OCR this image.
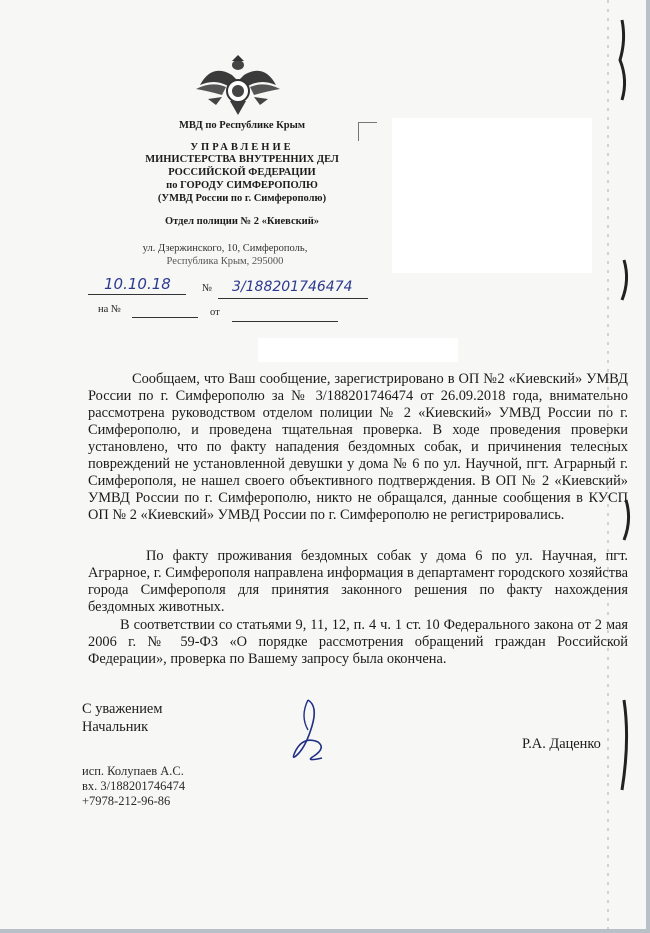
МВД по Республике Крым
УПРАВЛЕНИЕ
МИНИСТЕРСТВА ВНУТРЕННИХ ДЕЛ
РОССИЙСКОЙ ФЕДЕРАЦИИ
по ГОРОДУ СИМФЕРОПОЛЮ
(УМВД России по г. Симферополю)
Отдел полиции № 2 «Киевский»
ул. Дзержинского, 10, Симферополь,
Республика Крым, 295000
10.10.18	№ 3/188201746474
на №	от

Сообщаем, что Ваш сообщение, зарегистрировано в ОП №2 «Киевский» УМВД России по г. Симферополю за № 3/188201746474 от 26.09.2018 года, внимательно рассмотрена руководством отделом полиции № 2 «Киевский» УМВД России по г. Симферополю, и проведена тщательная проверка. В ходе проведения проверки установлено, что по факту нападения бездомных собак, и причинения телесных повреждений не установленной девушки у дома № 6 по ул. Научной, пгт. Аграрный г. Симферополя, не нашел своего объективного подтверждения. В ОП № 2 «Киевский» УМВД России по г. Симферополю, никто не обращался, данные сообщения в КУСП ОП № 2 «Киевский» УМВД России по г. Симферополю не регистрировались.

По факту проживания бездомных собак у дома 6 по ул. Научная, пгт. Аграрное, г. Симферополя направлена информация в департамент городского хозяйства города Симферополя для принятия законного решения по факту нахождения бездомных животных.

В соответствии со статьями 9, 11, 12, п. 4 ч. 1 ст. 10 Федерального закона от 2 мая 2006 г. № 59-ФЗ «О порядке рассмотрения обращений граждан Российской Федерации», проверка по Вашему запросу была окончена.

С уважением
Начальник
Р.А. Даценко
исп. Колупаев А.С.
вх. 3/188201746474
+7978-212-96-86
